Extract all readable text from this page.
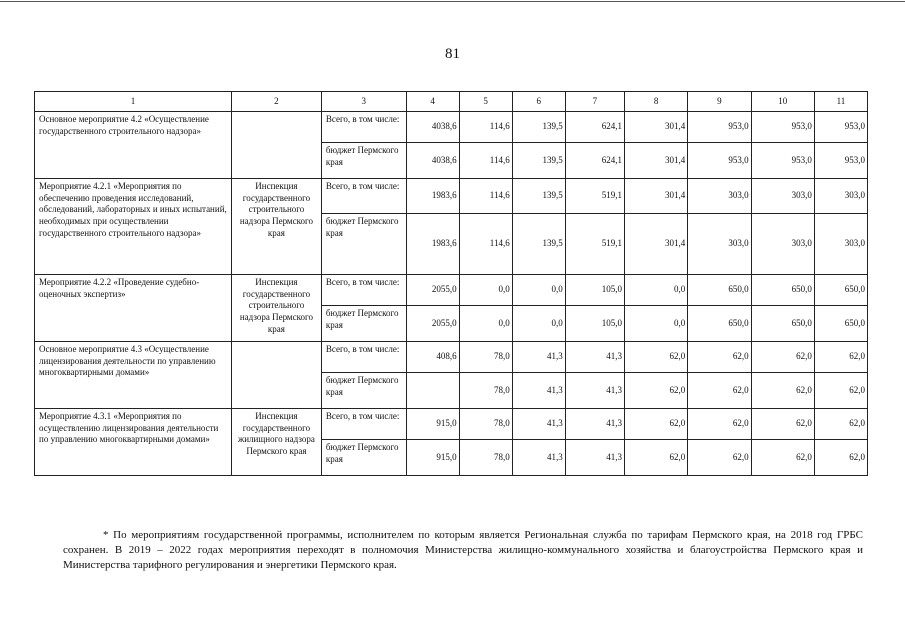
81
1	2	3	4	5	6	7	8	9	10	11
Основное мероприятие 4.2 «Осуществление государственного строительного надзора»		Всего, в том числе:	4038,6	114,6	139,5	624,1	301,4	953,0	953,0	953,0
		бюджет Пермского края	4038,6	114,6	139,5	624,1	301,4	953,0	953,0	953,0
Мероприятие 4.2.1 «Мероприятия по обеспечению проведения исследований, обследований, лабораторных и иных испытаний, необходимых при осуществлении государственного строительного надзора»	Инспекция государственного строительного надзора Пермского края	Всего, в том числе:	1983,6	114,6	139,5	519,1	301,4	303,0	303,0	303,0
		бюджет Пермского края	1983,6	114,6	139,5	519,1	301,4	303,0	303,0	303,0
Мероприятие 4.2.2 «Проведение судебно-оценочных экспертиз»	Инспекция государственного строительного надзора Пермского края	Всего, в том числе:	2055,0	0,0	0,0	105,0	0,0	650,0	650,0	650,0
		бюджет Пермского края	2055,0	0,0	0,0	105,0	0,0	650,0	650,0	650,0
Основное мероприятие 4.3 «Осуществление лицензирования деятельности по управлению многоквартирными домами»		Всего, в том числе:	408,6	78,0	41,3	41,3	62,0	62,0	62,0	62,0
		бюджет Пермского края		78,0	41,3	41,3	62,0	62,0	62,0	62,0
Мероприятие 4.3.1 «Мероприятия по осуществлению лицензирования деятельности по управлению многоквартирными домами»	Инспекция государственного жилищного надзора Пермского края	Всего, в том числе:	915,0	78,0	41,3	41,3	62,0	62,0	62,0	62,0
		бюджет Пермского края	915,0	78,0	41,3	41,3	62,0	62,0	62,0	62,0
* По мероприятиям государственной программы, исполнителем по которым является Региональная служба по тарифам Пермского края, на 2018 год ГРБС сохранен. В 2019 – 2022 годах мероприятия переходят в полномочия Министерства жилищно-коммунального хозяйства и благоустройства Пермского края и Министерства тарифного регулирования и энергетики Пермского края.
